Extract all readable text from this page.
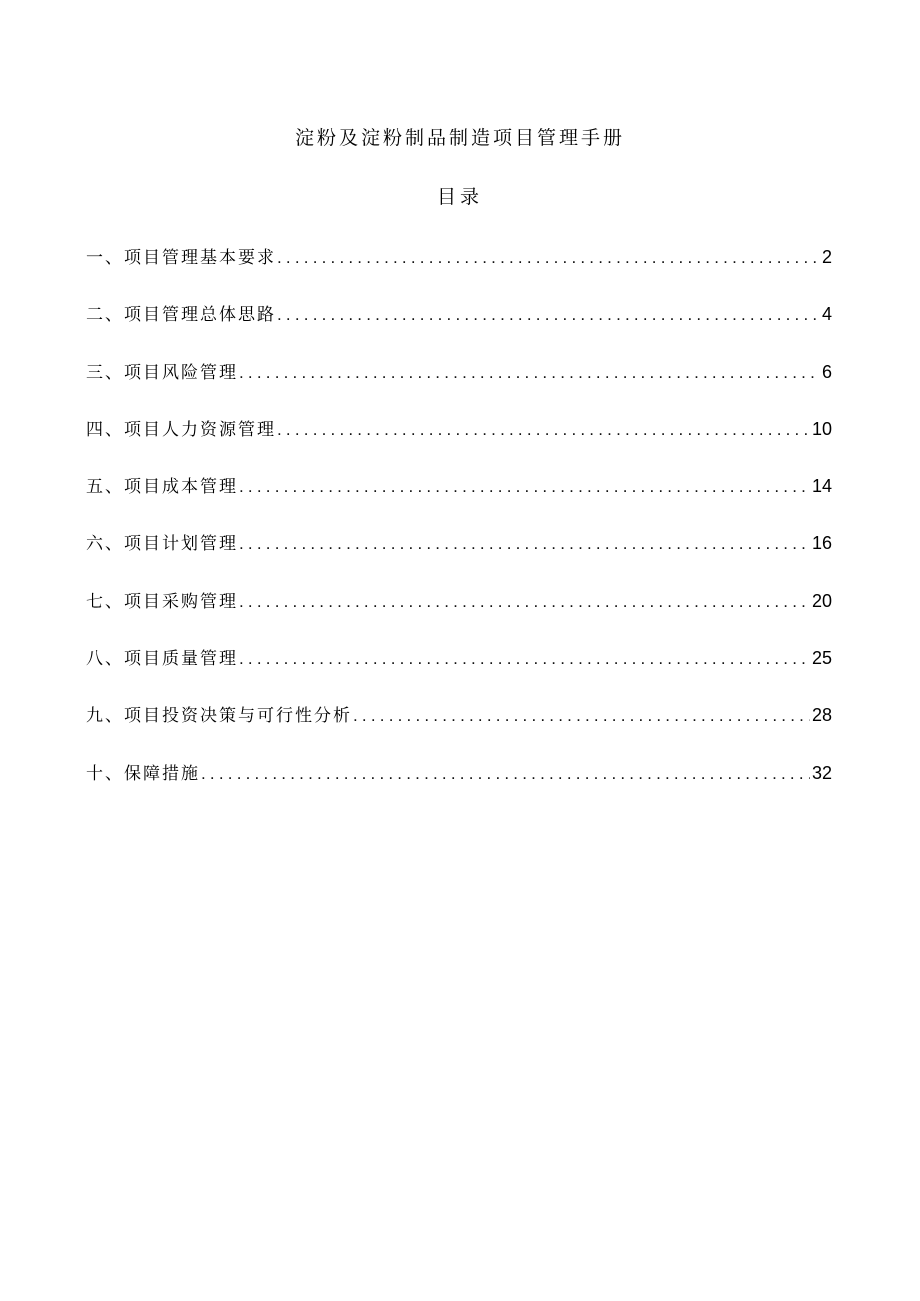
淀粉及淀粉制品制造项目管理手册
目录
一、项目管理基本要求 .....	2
二、项目管理总体思路 .....	4
三、项目风险管理 .....	6
四、项目人力资源管理 .....	10
五、项目成本管理 .....	14
六、项目计划管理 .....	16
七、项目采购管理 .....	20
八、项目质量管理 .....	25
九、项目投资决策与可行性分析 .....	28
十、保障措施 .....	32
